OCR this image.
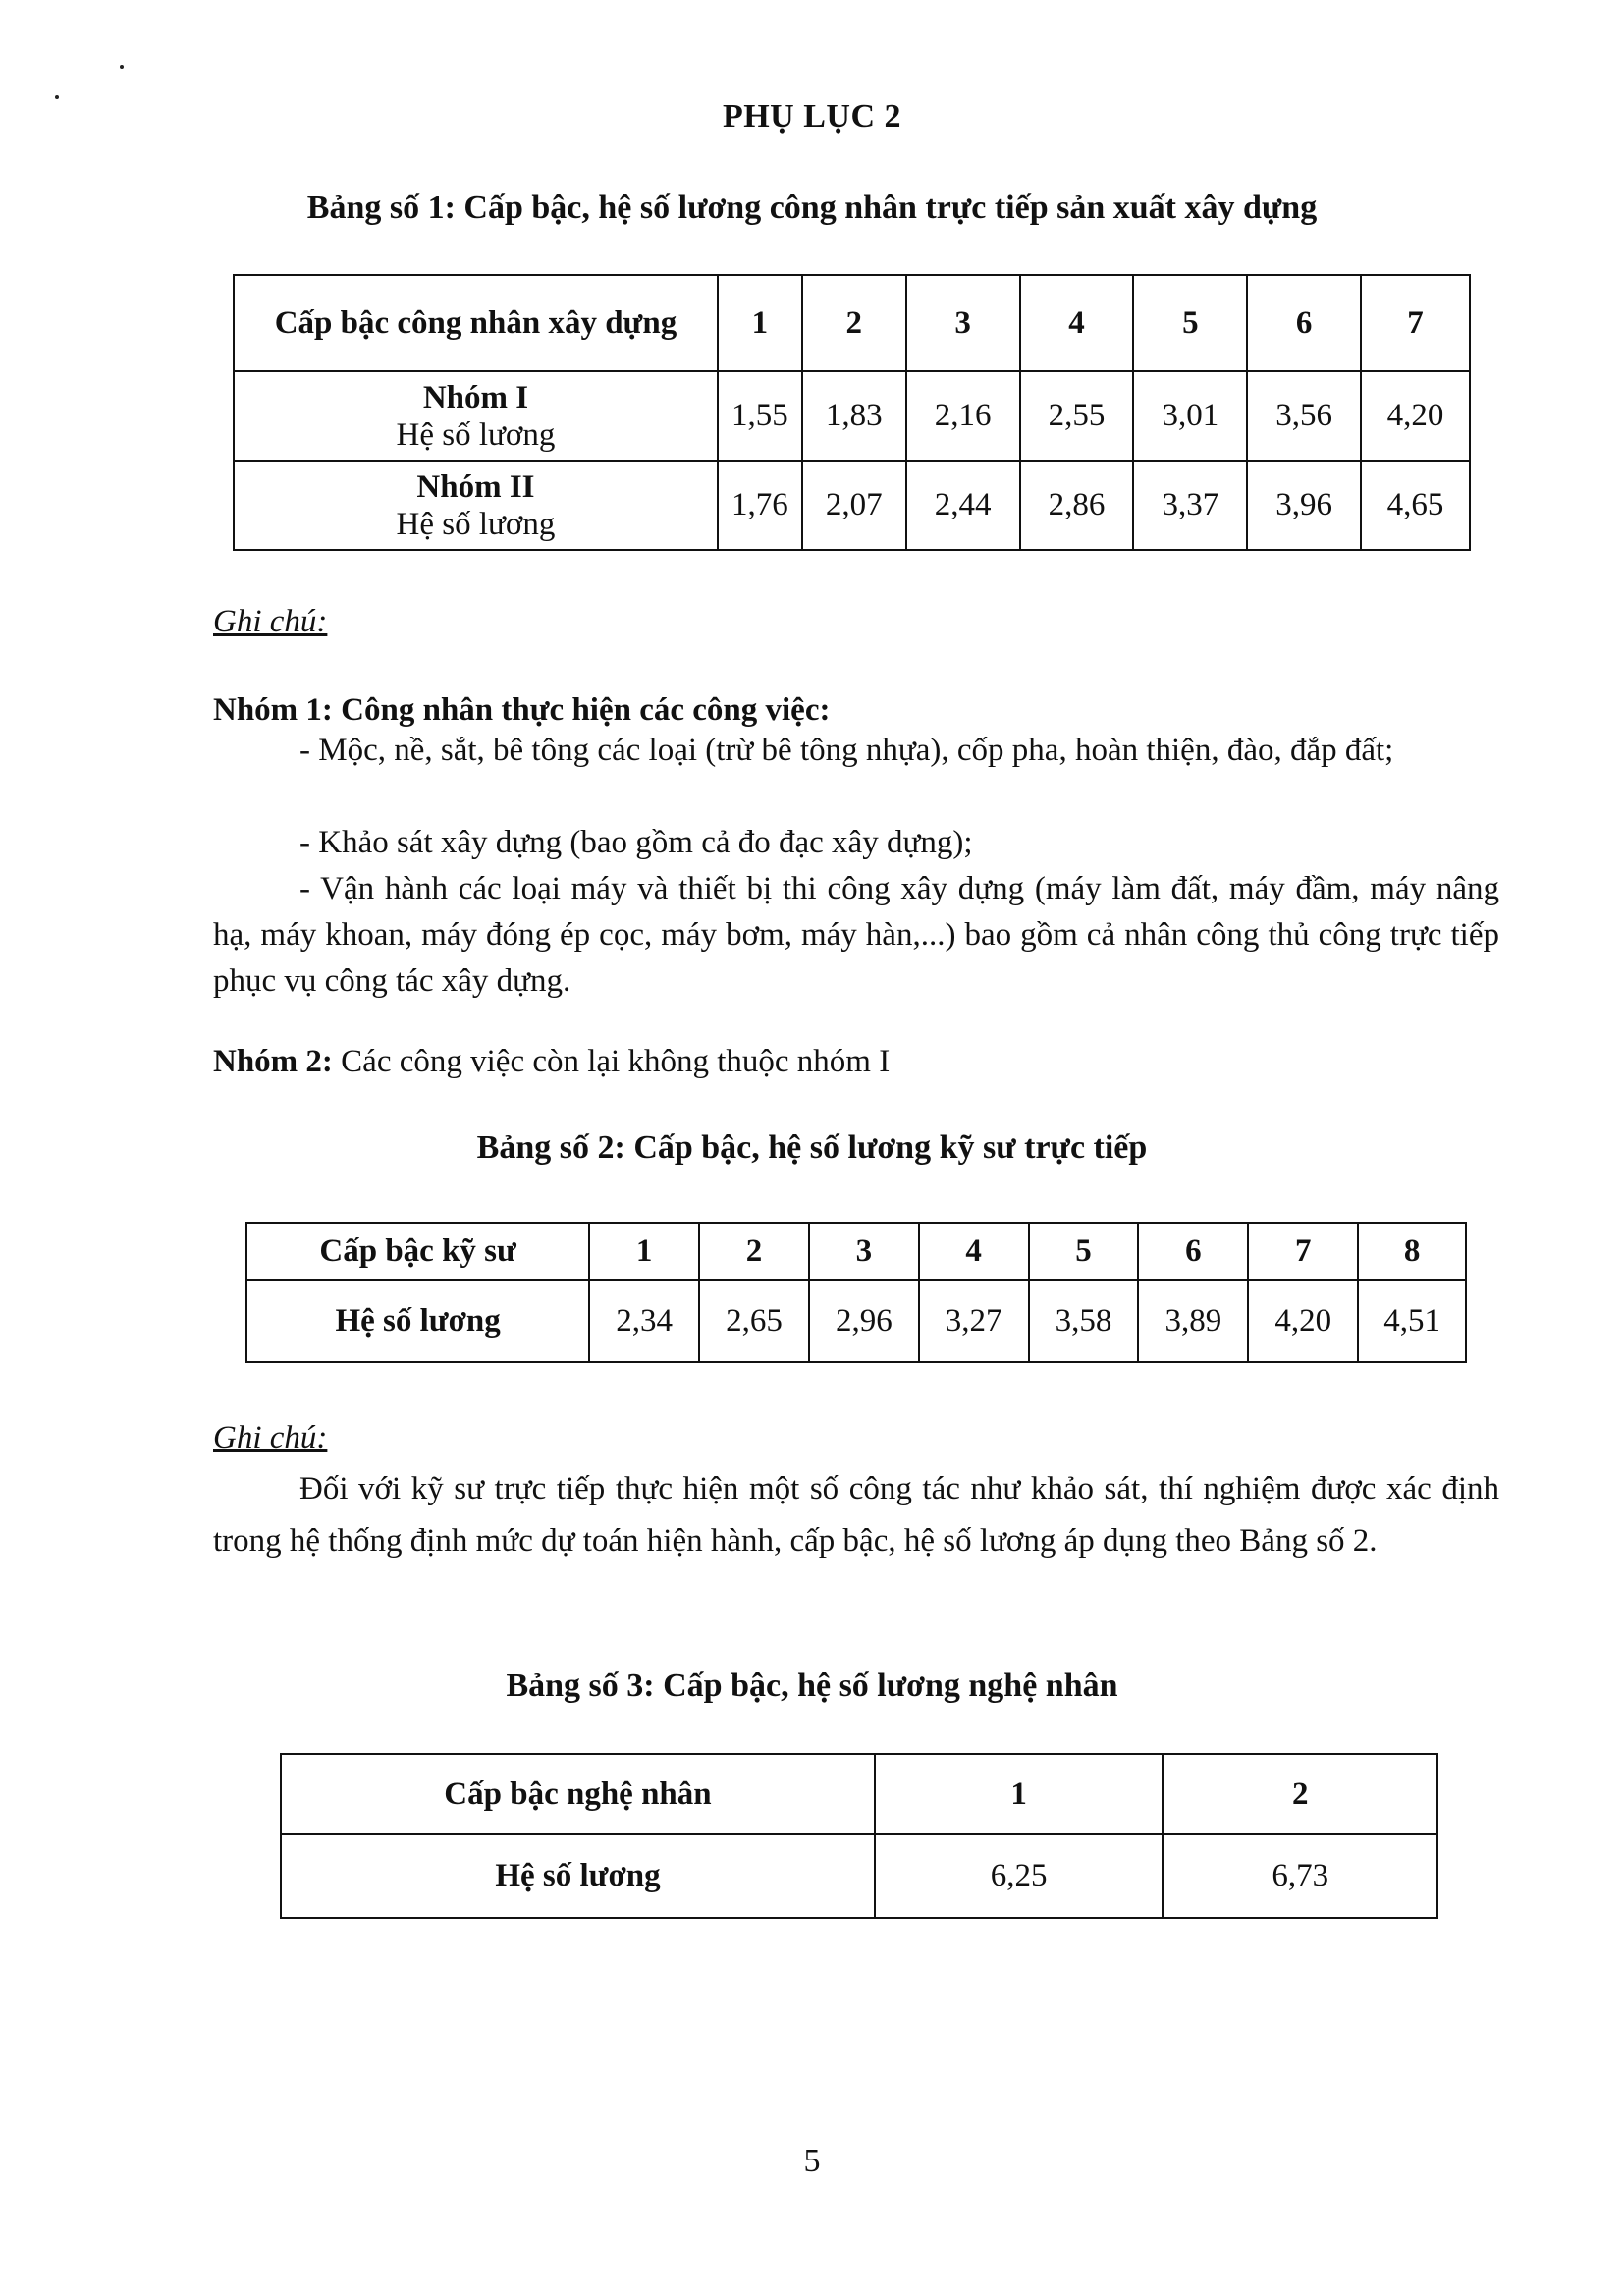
PHỤ LỤC 2
Bảng số 1: Cấp bậc, hệ số lương công nhân trực tiếp sản xuất xây dựng
Cấp bậc công nhân xây dựng	1	2	3	4	5	6	7

Nhóm I
Hệ số lương	1,55	1,83	2,16	2,55	3,01	3,56	4,20

Nhóm II
Hệ số lương	1,76	2,07	2,44	2,86	3,37	3,96	4,65
Ghi chú:
Nhóm 1: Công nhân thực hiện các công việc:
- Mộc, nề, sắt, bê tông các loại (trừ bê tông nhựa), cốp pha, hoàn thiện, đào, đắp đất;
- Khảo sát xây dựng (bao gồm cả đo đạc xây dựng);
- Vận hành các loại máy và thiết bị thi công xây dựng (máy làm đất, máy đầm, máy nâng hạ, máy khoan, máy đóng ép cọc, máy bơm, máy hàn,...) bao gồm cả nhân công thủ công trực tiếp phục vụ công tác xây dựng.
Nhóm 2: Các công việc còn lại không thuộc nhóm I
Bảng số 2: Cấp bậc, hệ số lương kỹ sư trực tiếp
Cấp bậc kỹ sư	1	2	3	4	5	6	7	8
Hệ số lương	2,34	2,65	2,96	3,27	3,58	3,89	4,20	4,51
Ghi chú:
Đối với kỹ sư trực tiếp thực hiện một số công tác như khảo sát, thí nghiệm được xác định trong hệ thống định mức dự toán hiện hành, cấp bậc, hệ số lương áp dụng theo Bảng số 2.
Bảng số 3: Cấp bậc, hệ số lương nghệ nhân
Cấp bậc nghệ nhân	1	2
Hệ số lương	6,25	6,73
5
